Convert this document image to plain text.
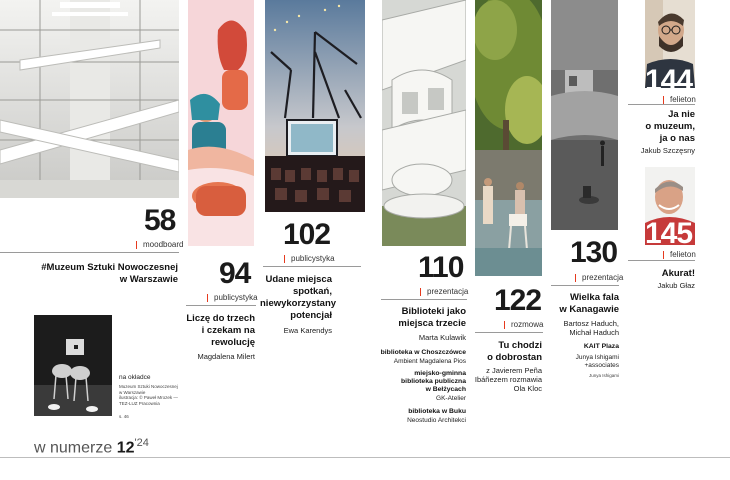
58
94
102
110
122
130
144
145
moodboard
#Muzeum Sztuki Nowoczesnej
w Warszawie
publicystyka
Liczę do trzech
i czekam na
rewolucję
Magdalena Milert
publicystyka
Udane miejsca
spotkań,
niewykorzystany
potencjał
Ewa Karendys
prezentacja
Biblioteki jako
miejsca trzecie
Marta Kulawik
biblioteka w Choszczówce
Ambient Magdalena Pios
miejsko-gminna
biblioteka publiczna
w Bełżycach
GK-Atelier
biblioteka w Buku
Neostudio Architekci
rozmowa
Tu chodzi
o dobrostan
z Javierem Peña
Ibáñezem rozmawia
Ola Kloc
prezentacja
Wielka fala
w Kanagawie
Bartosz Haduch,
Michał Haduch
KAIT Plaza
Junya Ishigami
+associates
Junya Ishigami
felieton
Ja nie
o muzeum,
ja o nas
Jakub Szczęsny
felieton
Akurat!
Jakub Głaz
na okładce
Muzeum Sztuki Nowoczesnej
w Warszawie
ilustracja: © Paweł Mrozek —
TEZ-LUZ Pracownia
s. 46
w numerze $12^{'24}$
